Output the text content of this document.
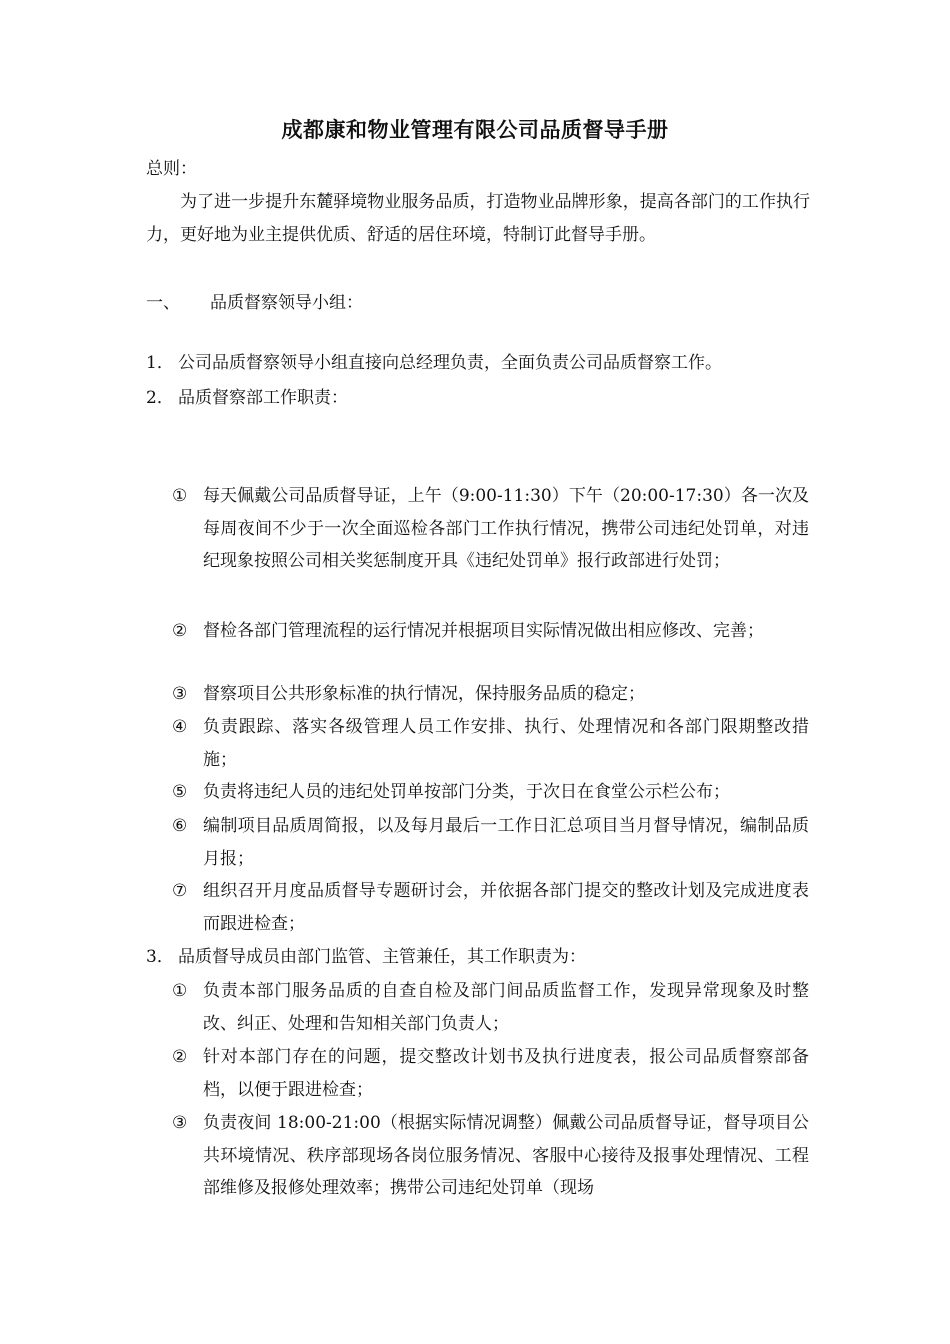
成都康和物业管理有限公司品质督导手册
总则：
为了进一步提升东麓驿境物业服务品质，打造物业品牌形象，提高各部门的工作执行力，更好地为业主提供优质、舒适的居住环境，特制订此督导手册。
一、 品质督察领导小组：
1． 公司品质督察领导小组直接向总经理负责，全面负责公司品质督察工作。
2． 品质督察部工作职责：
① 每天佩戴公司品质督导证，上午（9:00-11:30）下午（20:00-17:30）各一次及每周夜间不少于一次全面巡检各部门工作执行情况，携带公司违纪处罚单，对违纪现象按照公司相关奖惩制度开具《违纪处罚单》报行政部进行处罚；
② 督检各部门管理流程的运行情况并根据项目实际情况做出相应修改、完善；
③ 督察项目公共形象标准的执行情况，保持服务品质的稳定；
④ 负责跟踪、落实各级管理人员工作安排、执行、处理情况和各部门限期整改措施；
⑤ 负责将违纪人员的违纪处罚单按部门分类，于次日在食堂公示栏公布；
⑥ 编制项目品质周简报，以及每月最后一工作日汇总项目当月督导情况，编制品质月报；
⑦ 组织召开月度品质督导专题研讨会，并依据各部门提交的整改计划及完成进度表而跟进检查；
3． 品质督导成员由部门监管、主管兼任，其工作职责为：
① 负责本部门服务品质的自查自检及部门间品质监督工作，发现异常现象及时整改、纠正、处理和告知相关部门负责人；
② 针对本部门存在的问题，提交整改计划书及执行进度表，报公司品质督察部备档，以便于跟进检查；
③ 负责夜间 18:00-21:00（根据实际情况调整）佩戴公司品质督导证，督导项目公共环境情况、秩序部现场各岗位服务情况、客服中心接待及报事处理情况、工程部维修及报修处理效率；携带公司违纪处罚单（现场
